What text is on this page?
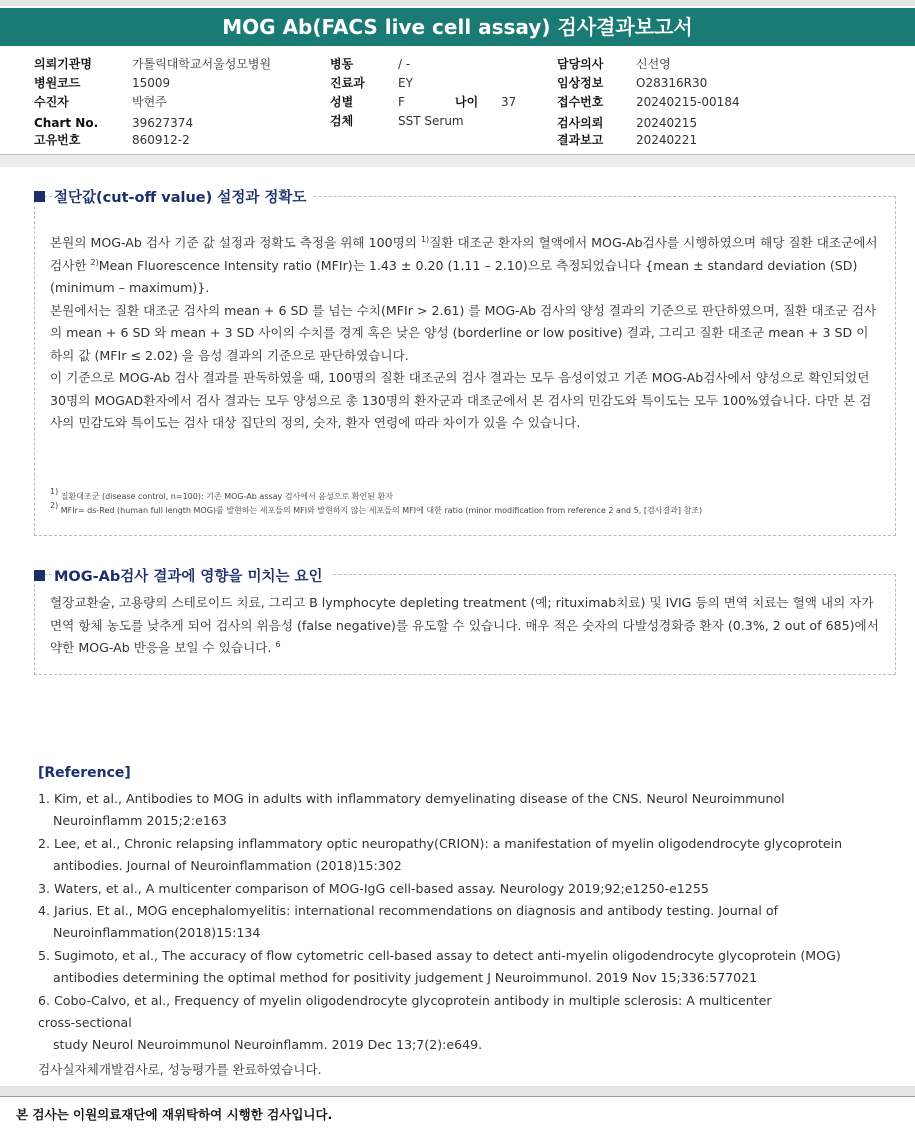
MOG Ab(FACS live cell assay) 검사결과보고서
의뢰기관명	가톨릭대학교서울성모병원
병원코드	15009
수진자	박현주
Chart No.	39627374
고유번호	860912-2
병동	/ -
진료과	EY
성별	F	나이 37
검체	SST Serum
담당의사	신선영
임상정보	O28316R30
접수번호	20240215-00184
검사의뢰	20240215
결과보고	20240221
절단값(cut-off value) 설정과 정확도

본원의 MOG-Ab 검사 기준 값 설정과 정확도 측정을 위해 100명의 $^{1)}$질환 대조군 환자의 혈액에서 MOG-Ab검사를 시행하였으며 해당 질환 대조군에서 검사한 $^{2)}$Mean Fluorescence Intensity ratio (MFIr)는 1.43 ± 0.20 (1.11 – 2.10)으로 측정되었습니다 {mean ± standard deviation (SD) (minimum – maximum)}.

본원에서는 질환 대조군 검사의 mean + 6 SD 를 넘는 수치(MFIr > 2.61) 를 MOG-Ab 검사의 양성 결과의 기준으로 판단하였으며, 질환 대조군 검사의 mean + 6 SD 와 mean + 3 SD 사이의 수치를 경계 혹은 낮은 양성 (borderline or low positive) 결과, 그리고 질환 대조군 mean + 3 SD 이하의 값 (MFIr ≤ 2.02) 을 음성 결과의 기준으로 판단하였습니다.

이 기준으로 MOG-Ab 검사 결과를 판독하였을 때, 100명의 질환 대조군의 검사 결과는 모두 음성이었고 기존 MOG-Ab검사에서 양성으로 확인되었던 30명의 MOGAD환자에서 검사 결과는 모두 양성으로 총 130명의 환자군과 대조군에서 본 검사의 민감도와 특이도는 모두 100%였습니다. 다만 본 검사의 민감도와 특이도는 검사 대상 집단의 정의, 숫자, 환자 연령에 따라 차이가 있을 수 있습니다.

$^{1)}$ 질환대조군 (disease control, n=100): 기존 MOG-Ab assay 검사에서 음성으로 확인된 환자
$^{2)}$ MFIr= ds-Red (human full length MOG)를 발현하는 세포들의 MFI와 발현하지 않는 세포들의 MFI에 대한 ratio (minor modification from reference 2 and 5, [검사결과] 참조)
MOG-Ab검사 결과에 영향을 미치는 요인
혈장교환술, 고용량의 스테로이드 치료, 그리고 B lymphocyte depleting treatment (예; rituximab치료) 및 IVIG 등의 면역 치료는 혈액 내의 자가면역 항체 농도를 낮추게 되어 검사의 위음성 (false negative)를 유도할 수 있습니다. 매우 적은 숫자의 다발성경화증 환자 (0.3%, 2 out of 685)에서 약한 MOG-Ab 반응을 보일 수 있습니다. $^6$
[Reference]
1. Kim, et al., Antibodies to MOG in adults with inflammatory demyelinating disease of the CNS. Neurol Neuroimmunol
Neuroinflamm 2015;2:e163
2. Lee, et al., Chronic relapsing inflammatory optic neuropathy(CRION): a manifestation of myelin oligodendrocyte glycoprotein
antibodies. Journal of Neuroinflammation (2018)15:302
3. Waters, et al., A multicenter comparison of MOG-IgG cell-based assay. Neurology 2019;92;e1250-e1255
4. Jarius. Et al., MOG encephalomyelitis: international recommendations on diagnosis and antibody testing. Journal of
Neuroinflammation(2018)15:134
5. Sugimoto, et al., The accuracy of flow cytometric cell-based assay to detect anti-myelin oligodendrocyte glycoprotein (MOG)
antibodies determining the optimal method for positivity judgement J Neuroimmunol. 2019 Nov 15;336:577021
6. Cobo-Calvo, et al., Frequency of myelin oligodendrocyte glycoprotein antibody in multiple sclerosis: A multicenter
cross-sectional
study Neurol Neuroimmunol Neuroinflamm. 2019 Dec 13;7(2):e649.
검사실자체개발검사로, 성능평가를 완료하였습니다.
본 검사는 이원의료재단에 재위탁하여 시행한 검사입니다.
